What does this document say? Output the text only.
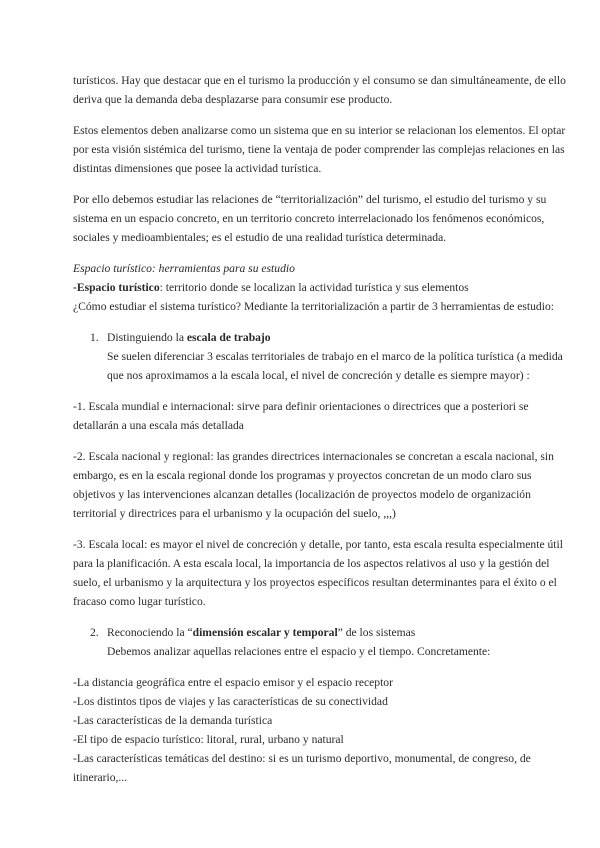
turísticos. Hay que destacar que en el turismo la producción y el consumo se dan simultáneamente, de ello deriva que la demanda deba desplazarse para consumir ese producto.

Estos elementos deben analizarse como un sistema que en su interior se relacionan los elementos. El optar por esta visión sistémica del turismo, tiene la ventaja de poder comprender las complejas relaciones en las distintas dimensiones que posee la actividad turística.

Por ello debemos estudiar las relaciones de “territorialización” del turismo, el estudio del turismo y su sistema en un espacio concreto, en un territorio concreto interrelacionado los fenómenos económicos, sociales y medioambientales; es el estudio de una realidad turística determinada.

Espacio turístico: herramientas para su estudio

-Espacio turístico: territorio donde se localizan la actividad turística y sus elementos

¿Cómo estudiar el sistema turístico? Mediante la territorialización a partir de 3 herramientas de estudio:

1. Distinguiendo la escala de trabajo

Se suelen diferenciar 3 escalas territoriales de trabajo en el marco de la política turística (a medida que nos aproximamos a la escala local, el nivel de concreción y detalle es siempre mayor) :

-1. Escala mundial e internacional: sirve para definir orientaciones o directrices que a posteriori se detallarán a una escala más detallada

-2. Escala nacional y regional: las grandes directrices internacionales se concretan a escala nacional, sin embargo, es en la escala regional donde los programas y proyectos concretan de un modo claro sus objetivos y las intervenciones alcanzan detalles (localización de proyectos modelo de organización territorial y directrices para el urbanismo y la ocupación del suelo, ,,,)

-3. Escala local: es mayor el nivel de concreción y detalle, por tanto, esta escala resulta especialmente útil para la planificación. A esta escala local, la importancia de los aspectos relativos al uso y la gestión del suelo, el urbanismo y la arquitectura y los proyectos específicos resultan determinantes para el éxito o el fracaso como lugar turístico.

2. Reconociendo la “dimensión escalar y temporal” de los sistemas

Debemos analizar aquellas relaciones entre el espacio y el tiempo. Concretamente:

-La distancia geográfica entre el espacio emisor y el espacio receptor

-Los distintos tipos de viajes y las características de su conectividad

-Las características de la demanda turística

-El tipo de espacio turístico: litoral, rural, urbano y natural

-Las características temáticas del destino: si es un turismo deportivo, monumental, de congreso, de itinerario,...
